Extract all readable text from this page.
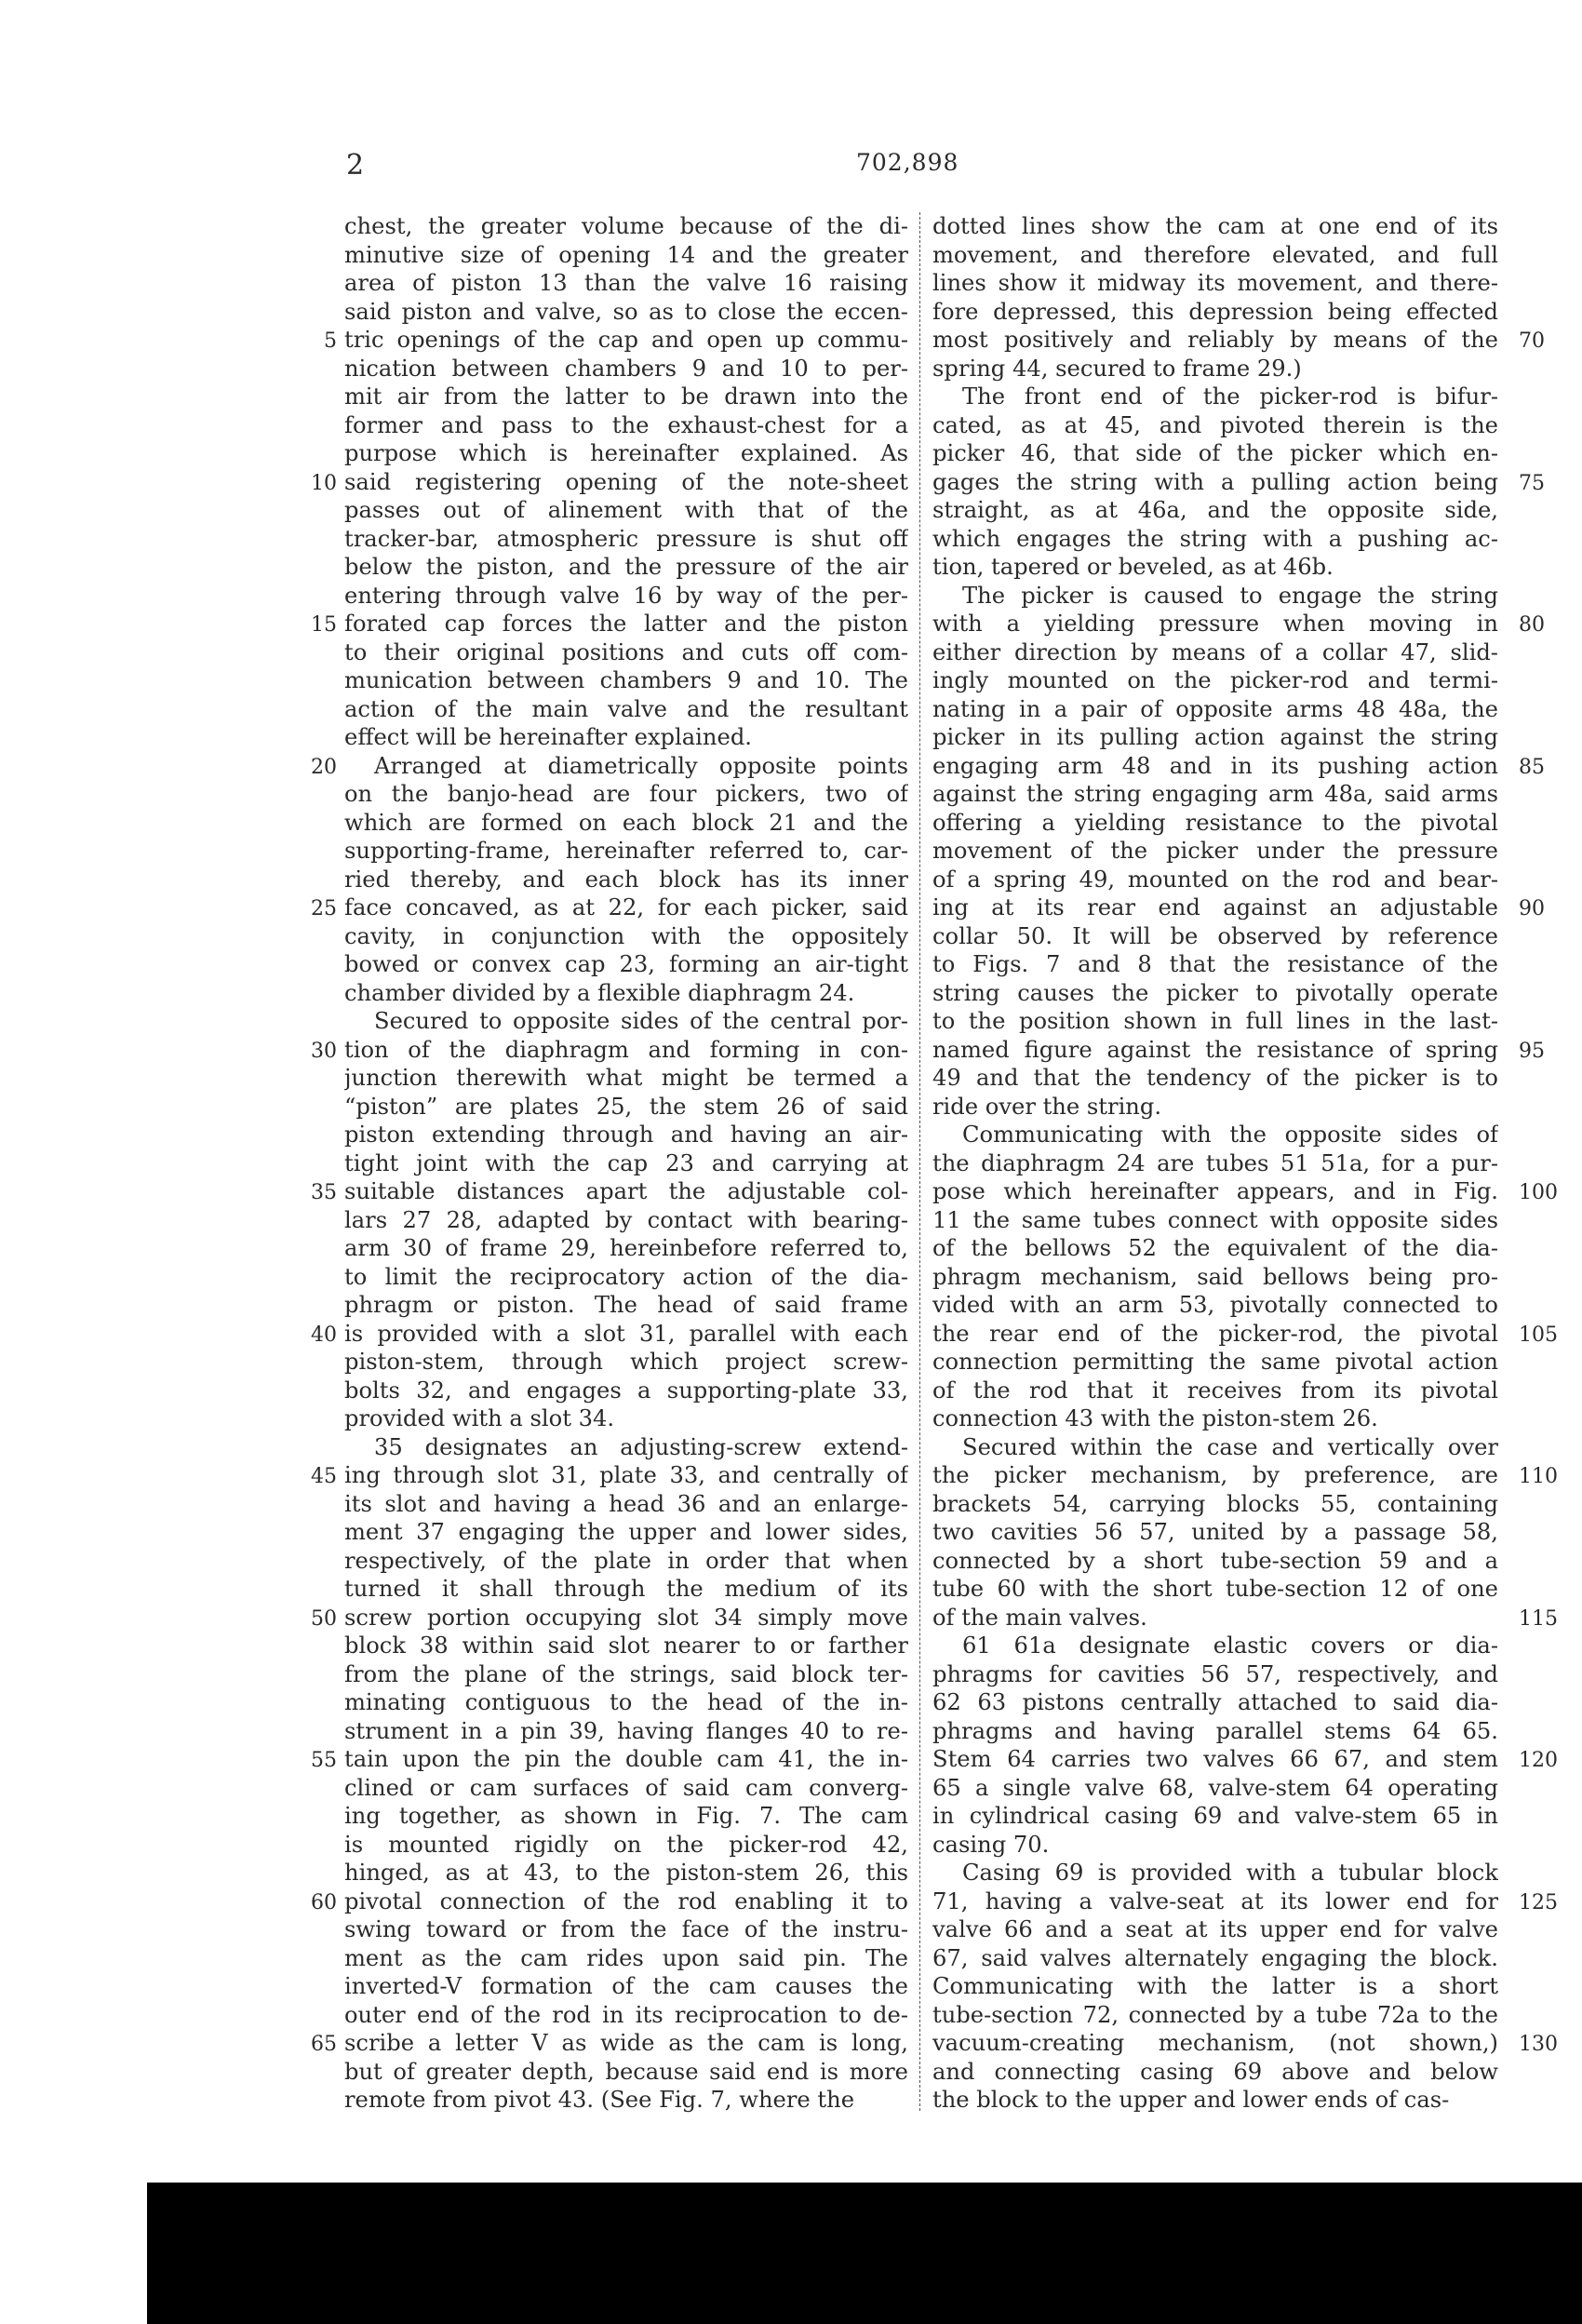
2	702,898
chest, the greater volume because of the di-
minutive size of opening 14 and the greater
area of piston 13 than the valve 16 raising
said piston and valve, so as to close the eccen-
tric openings of the cap and open up commu-
nication between chambers 9 and 10 to per-
mit air from the latter to be drawn into the
former and pass to the exhaust-chest for a
purpose which is hereinafter explained. As
said registering opening of the note-sheet
passes out of alinement with that of the
tracker-bar, atmospheric pressure is shut off
below the piston, and the pressure of the air
entering through valve 16 by way of the per-
forated cap forces the latter and the piston
to their original positions and cuts off com-
munication between chambers 9 and 10. The
action of the main valve and the resultant
effect will be hereinafter explained.
Arranged at diametrically opposite points
on the banjo-head are four pickers, two of
which are formed on each block 21 and the
supporting-frame, hereinafter referred to, car-
ried thereby, and each block has its inner
face concaved, as at 22, for each picker, said
cavity, in conjunction with the oppositely
bowed or convex cap 23, forming an air-tight
chamber divided by a flexible diaphragm 24.
Secured to opposite sides of the central por-
tion of the diaphragm and forming in con-
junction therewith what might be termed a
“piston” are plates 25, the stem 26 of said
piston extending through and having an air-
tight joint with the cap 23 and carrying at
suitable distances apart the adjustable col-
lars 27 28, adapted by contact with bearing-
arm 30 of frame 29, hereinbefore referred to,
to limit the reciprocatory action of the dia-
phragm or piston. The head of said frame
is provided with a slot 31, parallel with each
piston-stem, through which project screw-
bolts 32, and engages a supporting-plate 33,
provided with a slot 34.
35 designates an adjusting-screw extend-
ing through slot 31, plate 33, and centrally of
its slot and having a head 36 and an enlarge-
ment 37 engaging the upper and lower sides,
respectively, of the plate in order that when
turned it shall through the medium of its
screw portion occupying slot 34 simply move
block 38 within said slot nearer to or farther
from the plane of the strings, said block ter-
minating contiguous to the head of the in-
strument in a pin 39, having flanges 40 to re-
tain upon the pin the double cam 41, the in-
clined or cam surfaces of said cam converg-
ing together, as shown in Fig. 7. The cam
is mounted rigidly on the picker-rod 42,
hinged, as at 43, to the piston-stem 26, this
pivotal connection of the rod enabling it to
swing toward or from the face of the instru-
ment as the cam rides upon said pin. The
inverted-V formation of the cam causes the
outer end of the rod in its reciprocation to de-
scribe a letter V as wide as the cam is long,
but of greater depth, because said end is more
remote from pivot 43. (See Fig. 7, where the
dotted lines show the cam at one end of its
movement, and therefore elevated, and full
lines show it midway its movement, and there-
fore depressed, this depression being effected
most positively and reliably by means of the
spring 44, secured to frame 29.)
The front end of the picker-rod is bifur-
cated, as at 45, and pivoted therein is the
picker 46, that side of the picker which en-
gages the string with a pulling action being
straight, as at 46a, and the opposite side,
which engages the string with a pushing ac-
tion, tapered or beveled, as at 46b.
The picker is caused to engage the string
with a yielding pressure when moving in
either direction by means of a collar 47, slid-
ingly mounted on the picker-rod and termi-
nating in a pair of opposite arms 48 48a, the
picker in its pulling action against the string
engaging arm 48 and in its pushing action
against the string engaging arm 48a, said arms
offering a yielding resistance to the pivotal
movement of the picker under the pressure
of a spring 49, mounted on the rod and bear-
ing at its rear end against an adjustable
collar 50. It will be observed by reference
to Figs. 7 and 8 that the resistance of the
string causes the picker to pivotally operate
to the position shown in full lines in the last-
named figure against the resistance of spring
49 and that the tendency of the picker is to
ride over the string.
Communicating with the opposite sides of
the diaphragm 24 are tubes 51 51a, for a pur-
pose which hereinafter appears, and in Fig.
11 the same tubes connect with opposite sides
of the bellows 52 the equivalent of the dia-
phragm mechanism, said bellows being pro-
vided with an arm 53, pivotally connected to
the rear end of the picker-rod, the pivotal
connection permitting the same pivotal action
of the rod that it receives from its pivotal
connection 43 with the piston-stem 26.
Secured within the case and vertically over
the picker mechanism, by preference, are
brackets 54, carrying blocks 55, containing
two cavities 56 57, united by a passage 58,
connected by a short tube-section 59 and a
tube 60 with the short tube-section 12 of one
of the main valves.
61 61a designate elastic covers or dia-
phragms for cavities 56 57, respectively, and
62 63 pistons centrally attached to said dia-
phragms and having parallel stems 64 65.
Stem 64 carries two valves 66 67, and stem
65 a single valve 68, valve-stem 64 operating
in cylindrical casing 69 and valve-stem 65 in
casing 70.
Casing 69 is provided with a tubular block
71, having a valve-seat at its lower end for
valve 66 and a seat at its upper end for valve
67, said valves alternately engaging the block.
Communicating with the latter is a short
tube-section 72, connected by a tube 72a to the
vacuum-creating mechanism, (not shown,)
and connecting casing 69 above and below
the block to the upper and lower ends of cas-
5
10
15
20
25
30
35
40
45
50
55
60
65
70
75
80
85
90
95
100
105
110
115
120
125
130
